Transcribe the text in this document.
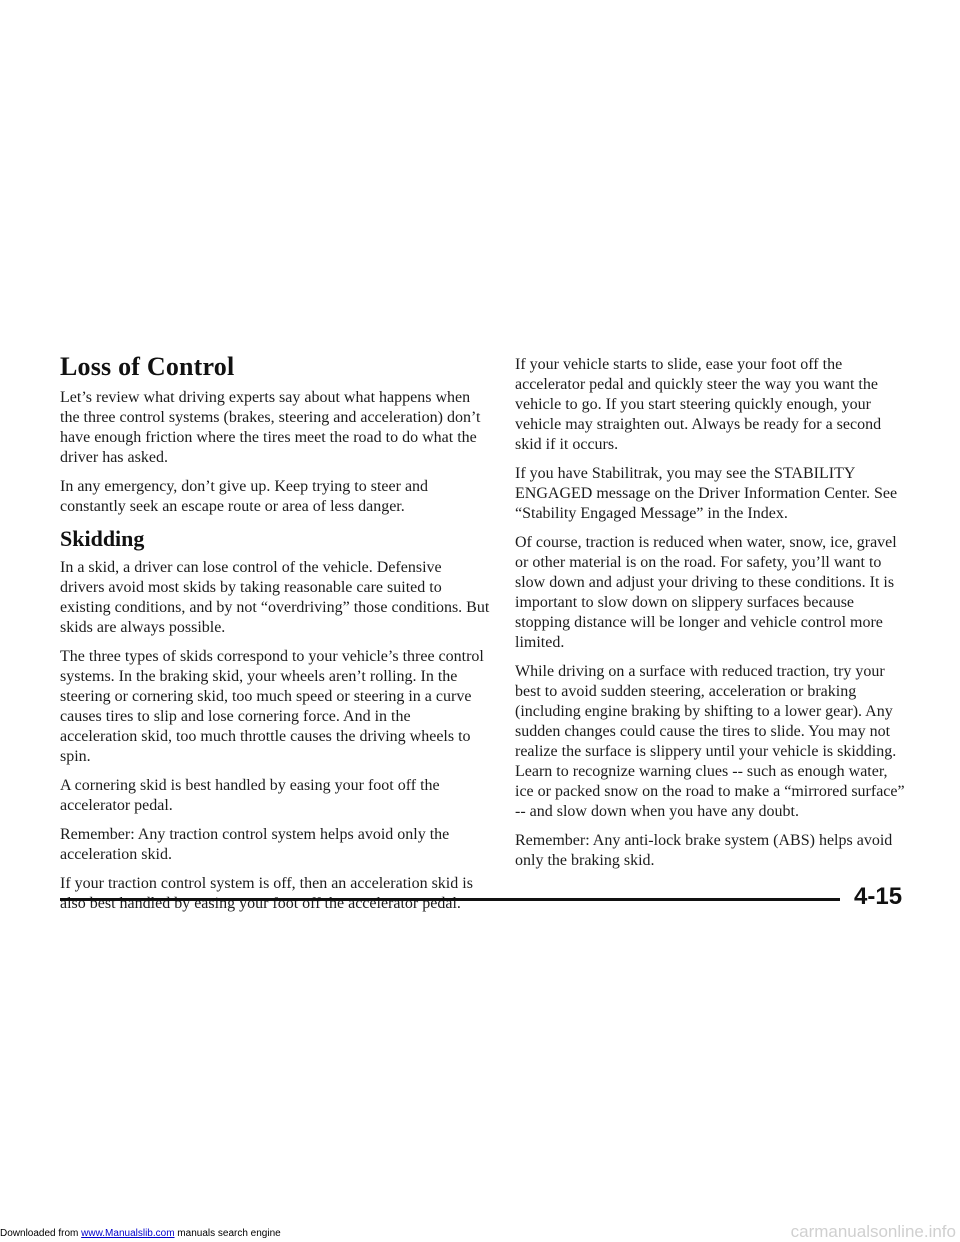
Loss of Control

Let’s review what driving experts say about what happens when the three control systems (brakes, steering and acceleration) don’t have enough friction where the tires meet the road to do what the driver has asked.

In any emergency, don’t give up. Keep trying to steer and constantly seek an escape route or area of less danger.

Skidding

In a skid, a driver can lose control of the vehicle. Defensive drivers avoid most skids by taking reasonable care suited to existing conditions, and by not “overdriving” those conditions. But skids are always possible.

The three types of skids correspond to your vehicle’s three control systems. In the braking skid, your wheels aren’t rolling. In the steering or cornering skid, too much speed or steering in a curve causes tires to slip and lose cornering force. And in the acceleration skid, too much throttle causes the driving wheels to spin.

A cornering skid is best handled by easing your foot off the accelerator pedal.

Remember: Any traction control system helps avoid only the acceleration skid.

If your traction control system is off, then an acceleration skid is also best handled by easing your foot off the accelerator pedal.

If your vehicle starts to slide, ease your foot off the accelerator pedal and quickly steer the way you want the vehicle to go. If you start steering quickly enough, your vehicle may straighten out. Always be ready for a second skid if it occurs.

If you have Stabilitrak, you may see the STABILITY ENGAGED message on the Driver Information Center. See “Stability Engaged Message” in the Index.

Of course, traction is reduced when water, snow, ice, gravel or other material is on the road. For safety, you’ll want to slow down and adjust your driving to these conditions. It is important to slow down on slippery surfaces because stopping distance will be longer and vehicle control more limited.

While driving on a surface with reduced traction, try your best to avoid sudden steering, acceleration or braking (including engine braking by shifting to a lower gear). Any sudden changes could cause the tires to slide. You may not realize the surface is slippery until your vehicle is skidding. Learn to recognize warning clues -- such as enough water, ice or packed snow on the road to make a “mirrored surface” -- and slow down when you have any doubt.

Remember: Any anti-lock brake system (ABS) helps avoid only the braking skid.

4-15
Downloaded from www.Manualslib.com manuals search engine	carmanualsonline.info
